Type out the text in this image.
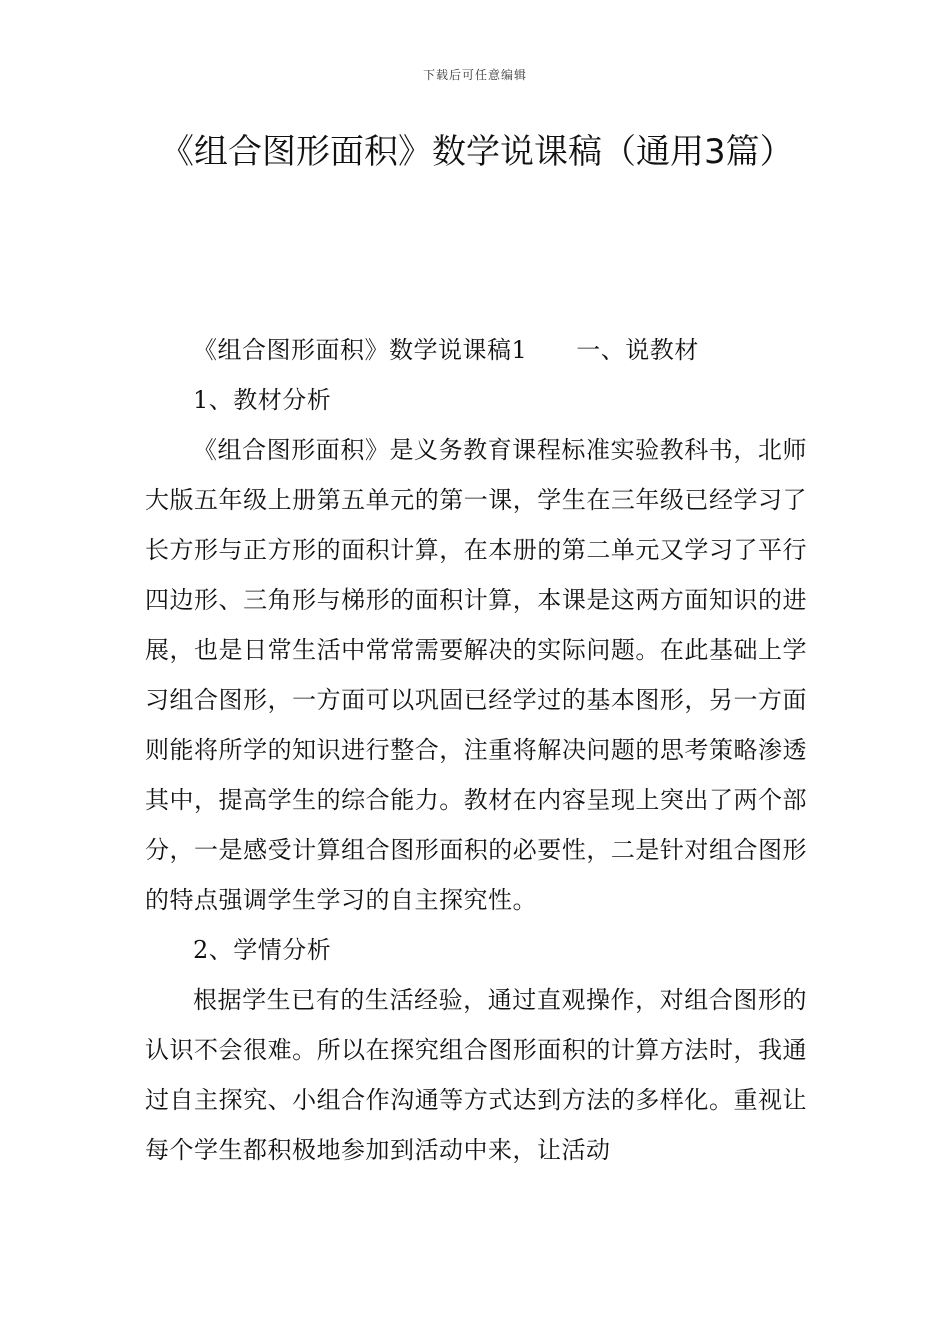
下载后可任意编辑
《组合图形面积》数学说课稿（通用3篇）

《组合图形面积》数学说课稿1　　一、说教材

1、教材分析

《组合图形面积》是义务教育课程标准实验教科书，北师大版五年级上册第五单元的第一课，学生在三年级已经学习了长方形与正方形的面积计算，在本册的第二单元又学习了平行四边形、三角形与梯形的面积计算，本课是这两方面知识的进展，也是日常生活中常常需要解决的实际问题。在此基础上学习组合图形，一方面可以巩固已经学过的基本图形，另一方面则能将所学的知识进行整合，注重将解决问题的思考策略渗透其中，提高学生的综合能力。教材在内容呈现上突出了两个部分，一是感受计算组合图形面积的必要性，二是针对组合图形的特点强调学生学习的自主探究性。

2、学情分析

根据学生已有的生活经验，通过直观操作，对组合图形的认识不会很难。所以在探究组合图形面积的计算方法时，我通过自主探究、小组合作沟通等方式达到方法的多样化。重视让每个学生都积极地参加到活动中来，让活动
